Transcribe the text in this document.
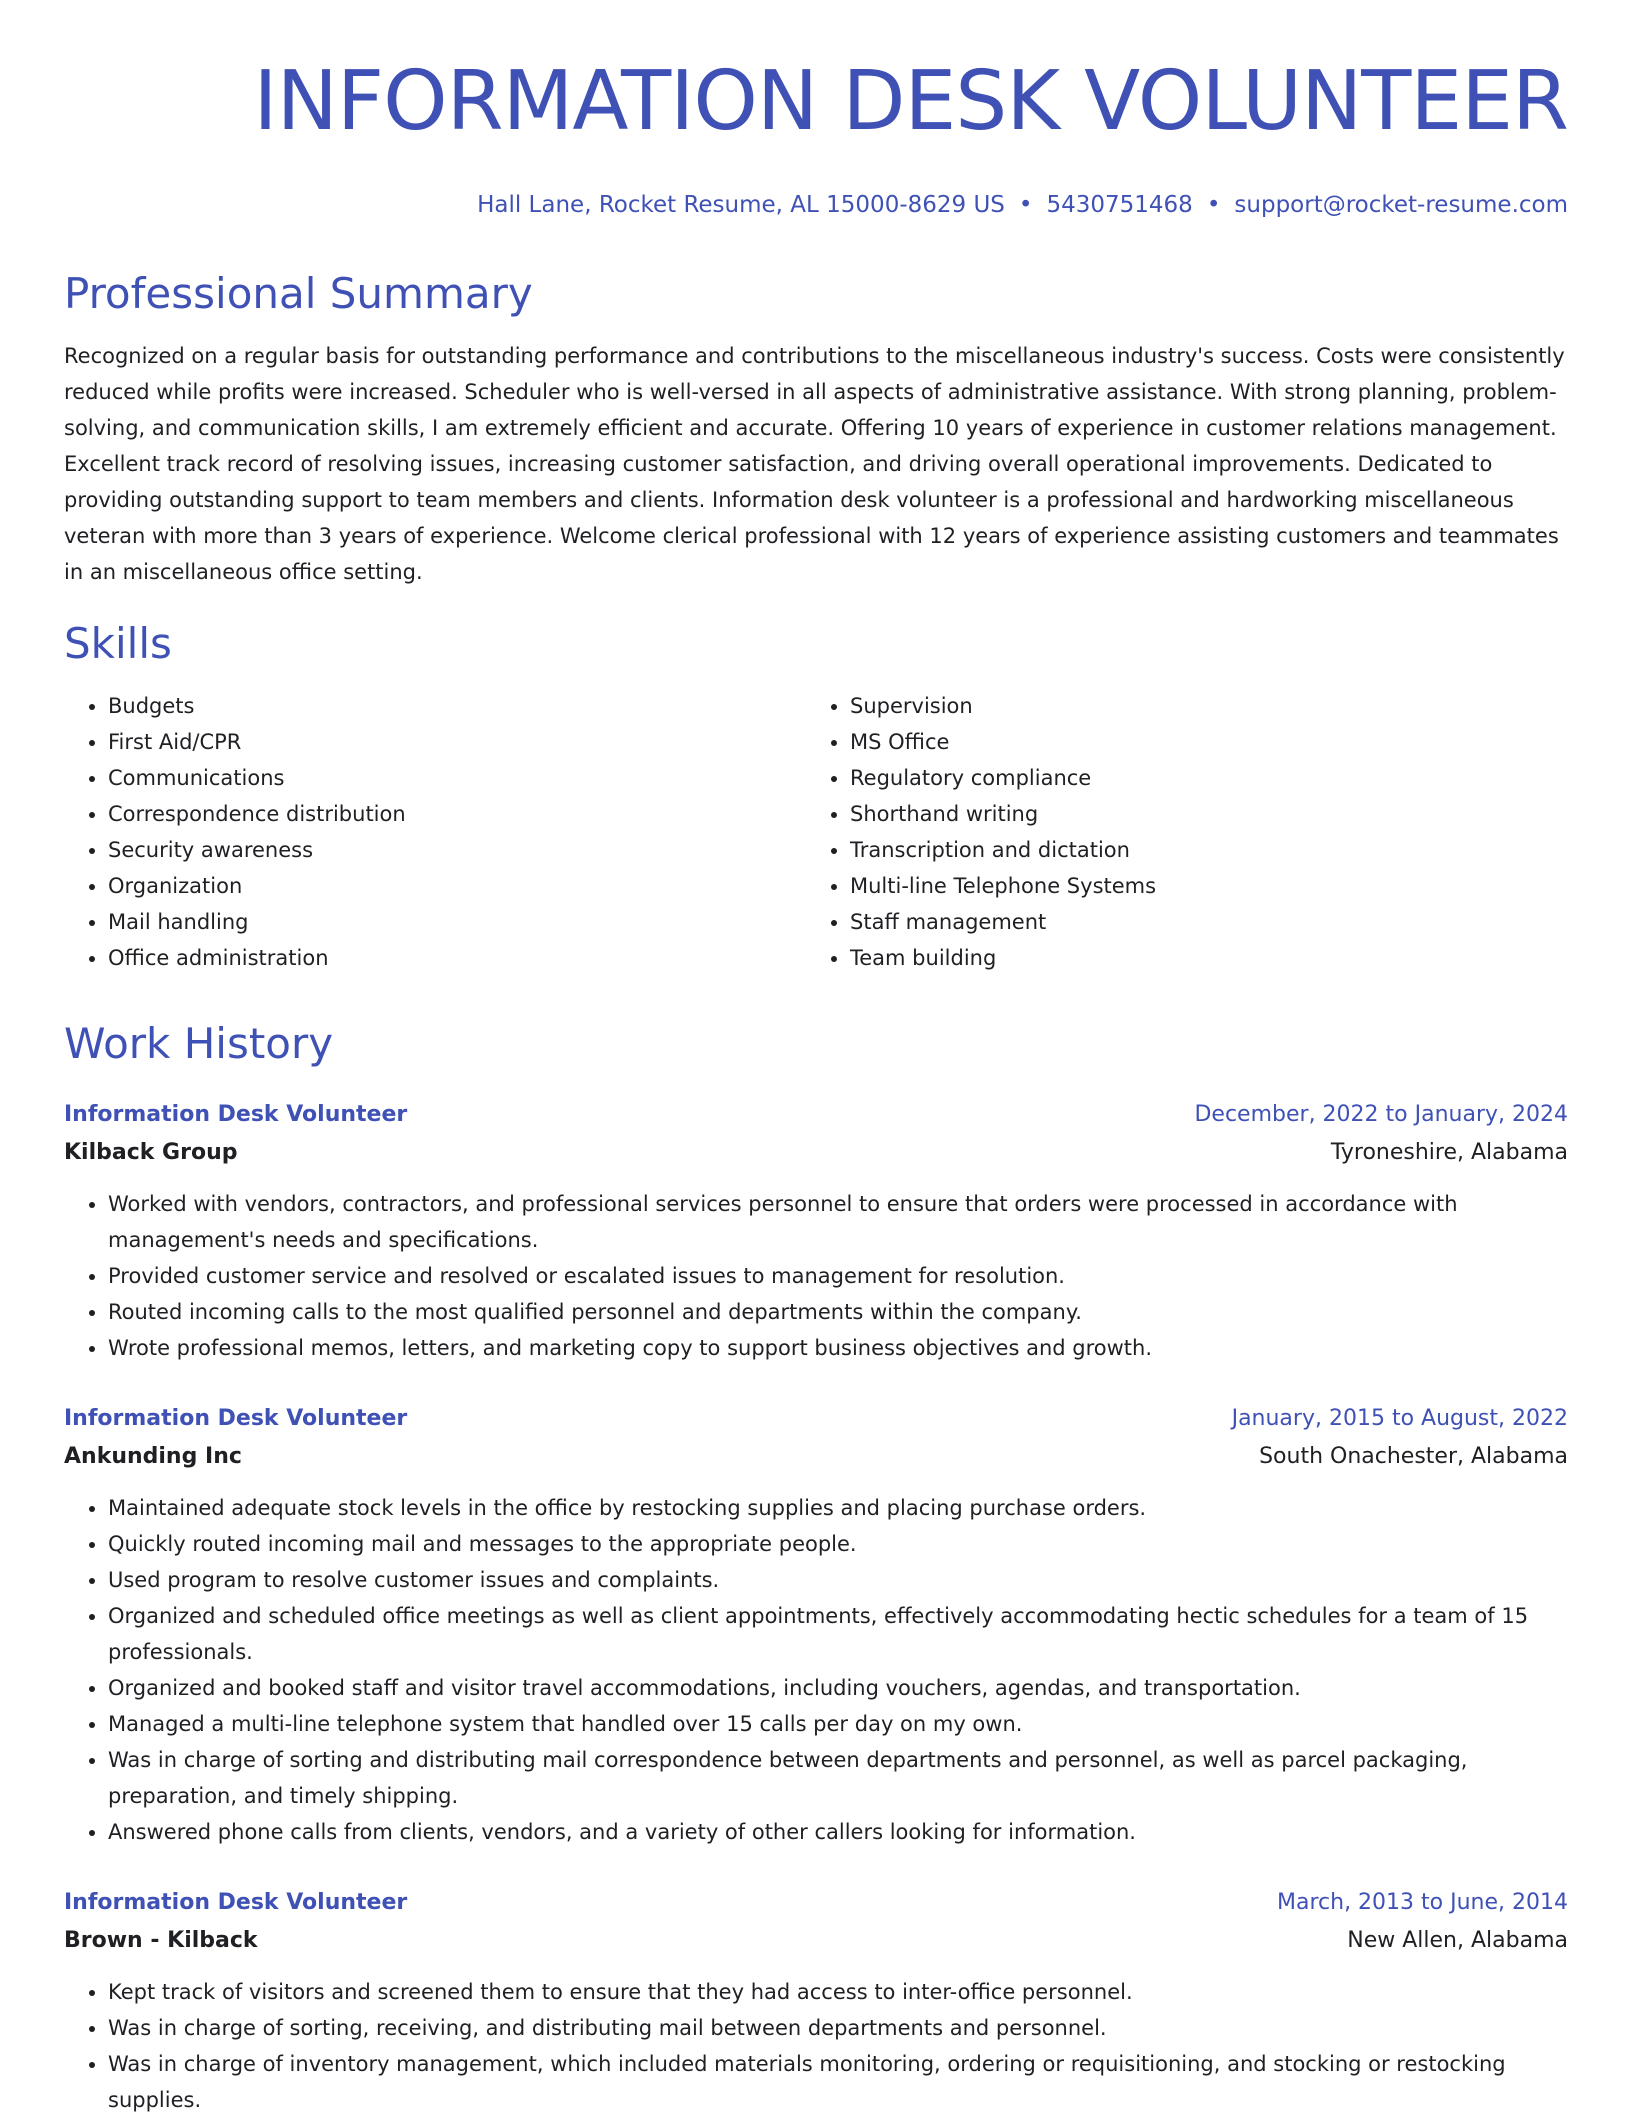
INFORMATION DESK VOLUNTEER
Hall Lane, Rocket Resume, AL 15000-8629 US • 5430751468 • support@rocket-resume.com
Professional Summary

Recognized on a regular basis for outstanding performance and contributions to the miscellaneous industry's success. Costs were consistently reduced while profits were increased. Scheduler who is well-versed in all aspects of administrative assistance. With strong planning, problem-solving, and communication skills, I am extremely efficient and accurate. Offering 10 years of experience in customer relations management. Excellent track record of resolving issues, increasing customer satisfaction, and driving overall operational improvements. Dedicated to providing outstanding support to team members and clients. Information desk volunteer is a professional and hardworking miscellaneous veteran with more than 3 years of experience. Welcome clerical professional with 12 years of experience assisting customers and teammates in an miscellaneous office setting.

Skills
• Budgets
• First Aid/CPR
• Communications
• Correspondence distribution
• Security awareness
• Organization
• Mail handling
• Office administration
• Supervision
• MS Office
• Regulatory compliance
• Shorthand writing
• Transcription and dictation
• Multi-line Telephone Systems
• Staff management
• Team building
Work History
Information Desk Volunteer	December, 2022 to January, 2024
Kilback Group	Tyroneshire, Alabama
• Worked with vendors, contractors, and professional services personnel to ensure that orders were processed in accordance with management's needs and specifications.
• Provided customer service and resolved or escalated issues to management for resolution.
• Routed incoming calls to the most qualified personnel and departments within the company.
• Wrote professional memos, letters, and marketing copy to support business objectives and growth.
Information Desk Volunteer	January, 2015 to August, 2022
Ankunding Inc	South Onachester, Alabama
• Maintained adequate stock levels in the office by restocking supplies and placing purchase orders.
• Quickly routed incoming mail and messages to the appropriate people.
• Used program to resolve customer issues and complaints.
• Organized and scheduled office meetings as well as client appointments, effectively accommodating hectic schedules for a team of 15 professionals.
• Organized and booked staff and visitor travel accommodations, including vouchers, agendas, and transportation.
• Managed a multi-line telephone system that handled over 15 calls per day on my own.
• Was in charge of sorting and distributing mail correspondence between departments and personnel, as well as parcel packaging, preparation, and timely shipping.
• Answered phone calls from clients, vendors, and a variety of other callers looking for information.
Information Desk Volunteer	March, 2013 to June, 2014
Brown - Kilback	New Allen, Alabama
• Kept track of visitors and screened them to ensure that they had access to inter-office personnel.
• Was in charge of sorting, receiving, and distributing mail between departments and personnel.
• Was in charge of inventory management, which included materials monitoring, ordering or requisitioning, and stocking or restocking supplies.
